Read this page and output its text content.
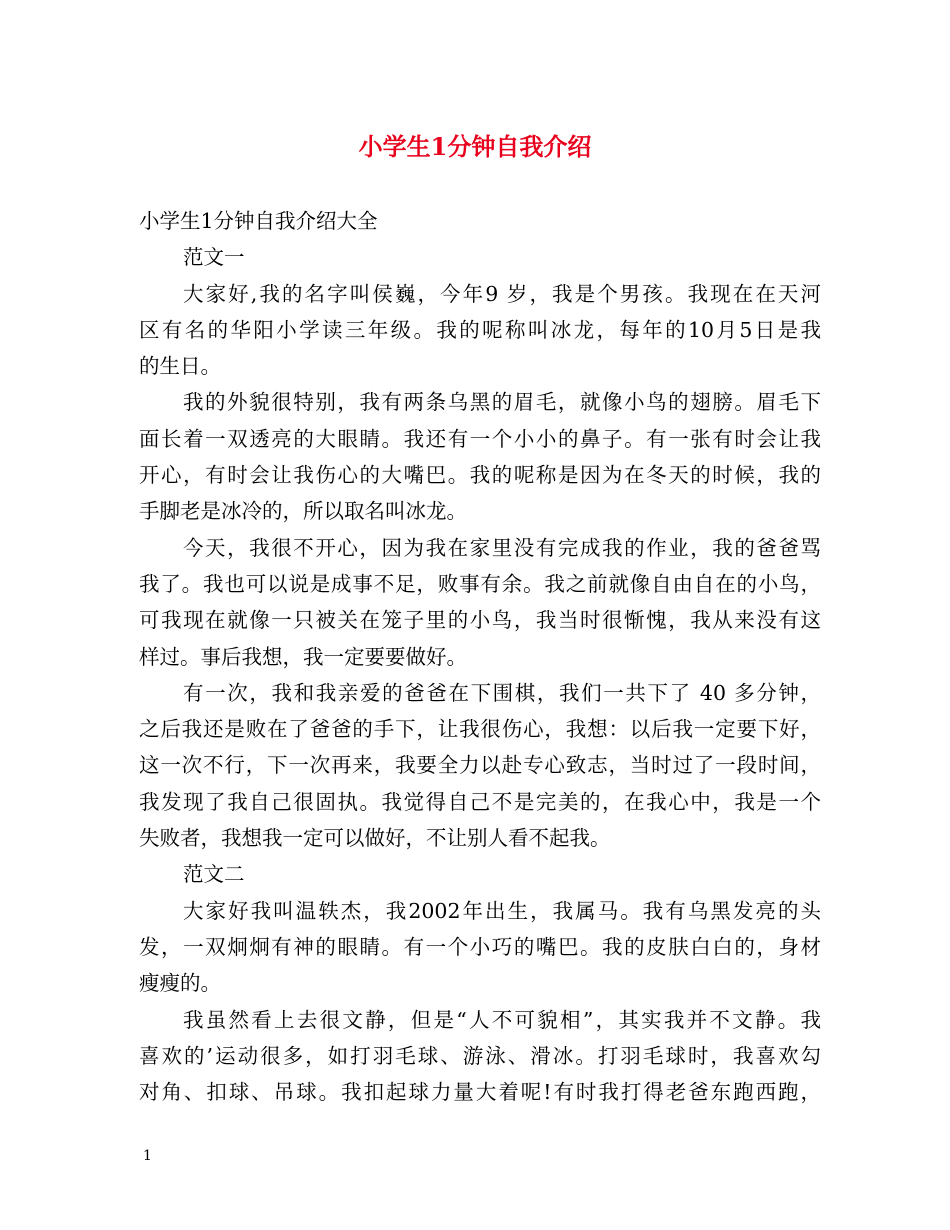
小学生1分钟自我介绍
小学生1分钟自我介绍大全
范文一
大家好,我的名字叫侯巍，今年9 岁，我是个男孩。我现在在天河
区有名的华阳小学读三年级。我的呢称叫冰龙，每年的10月5日是我
的生日。
我的外貌很特别，我有两条乌黑的眉毛，就像小鸟的翅膀。眉毛下
面长着一双透亮的大眼睛。我还有一个小小的鼻子。有一张有时会让我
开心，有时会让我伤心的大嘴巴。我的呢称是因为在冬天的时候，我的
手脚老是冰冷的，所以取名叫冰龙。
今天，我很不开心，因为我在家里没有完成我的作业，我的爸爸骂
我了。我也可以说是成事不足，败事有余。我之前就像自由自在的小鸟，
可我现在就像一只被关在笼子里的小鸟，我当时很惭愧，我从来没有这
样过。事后我想，我一定要要做好。
有一次，我和我亲爱的爸爸在下围棋，我们一共下了 40 多分钟，
之后我还是败在了爸爸的手下，让我很伤心，我想：以后我一定要下好，
这一次不行，下一次再来，我要全力以赴专心致志，当时过了一段时间，
我发现了我自己很固执。我觉得自己不是完美的，在我心中，我是一个
失败者，我想我一定可以做好，不让别人看不起我。
范文二
大家好我叫温轶杰，我2002年出生，我属马。我有乌黑发亮的头
发，一双炯炯有神的眼睛。有一个小巧的嘴巴。我的皮肤白白的，身材
瘦瘦的。
我虽然看上去很文静，但是“人不可貌相”，其实我并不文静。我
喜欢的’运动很多，如打羽毛球、游泳、滑冰。打羽毛球时，我喜欢勾
对角、扣球、吊球。我扣起球力量大着呢!有时我打得老爸东跑西跑，
1
